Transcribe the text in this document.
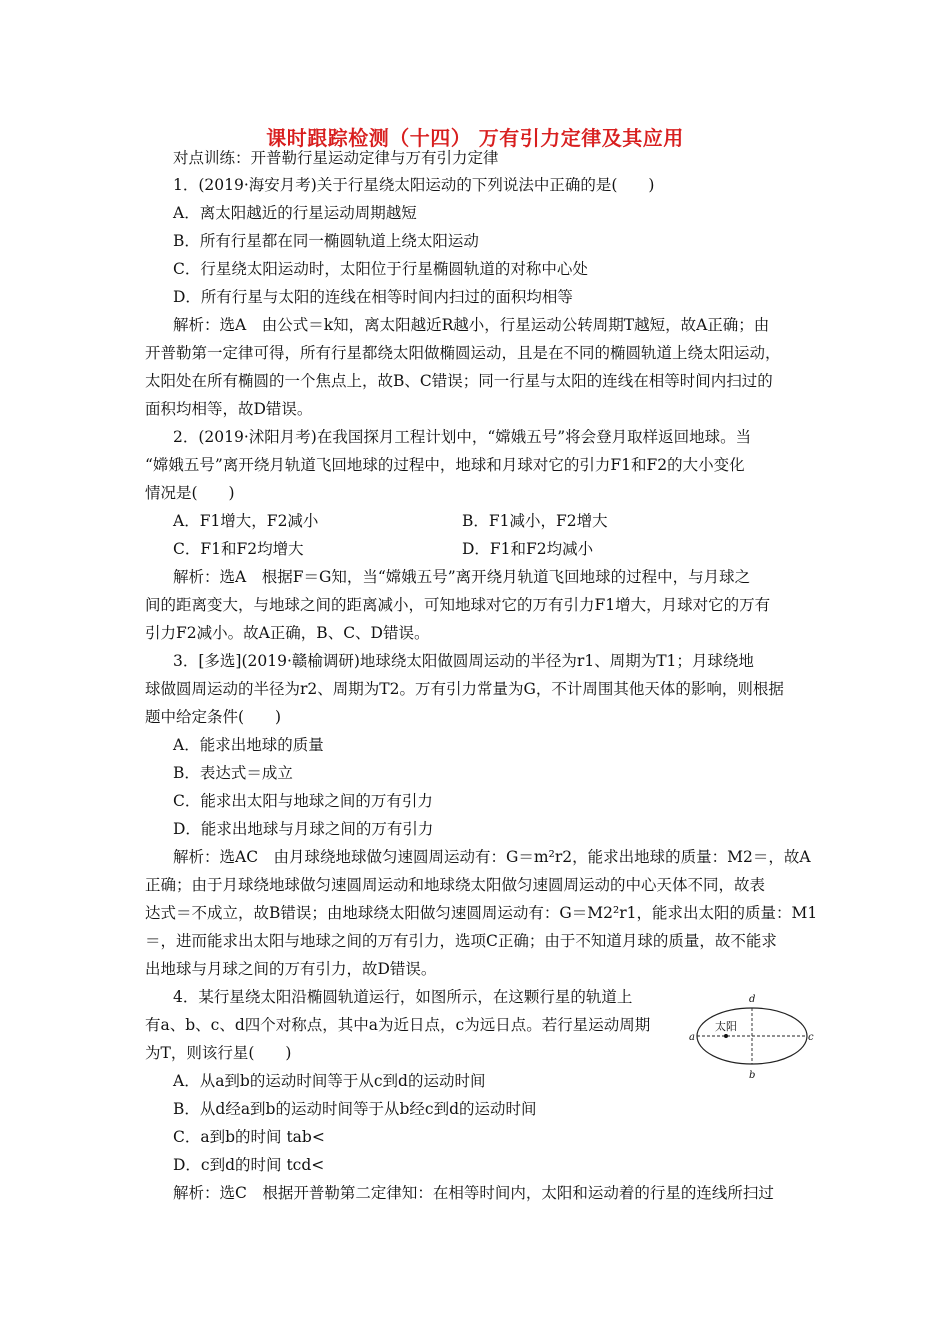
课时跟踪检测（十四） 万有引力定律及其应用
对点训练：开普勒行星运动定律与万有引力定律
1．(2019·海安月考)关于行星绕太阳运动的下列说法中正确的是(　　)
A．离太阳越近的行星运动周期越短
B．所有行星都在同一椭圆轨道上绕太阳运动
C．行星绕太阳运动时，太阳位于行星椭圆轨道的对称中心处
D．所有行星与太阳的连线在相等时间内扫过的面积均相等
解析：选A　由公式＝k知，离太阳越近R越小，行星运动公转周期T越短，故A正确；由
开普勒第一定律可得，所有行星都绕太阳做椭圆运动，且是在不同的椭圆轨道上绕太阳运动，
太阳处在所有椭圆的一个焦点上，故B、C错误；同一行星与太阳的连线在相等时间内扫过的
面积均相等，故D错误。
2．(2019·沭阳月考)在我国探月工程计划中，“嫦娥五号”将会登月取样返回地球。当
“嫦娥五号”离开绕月轨道飞回地球的过程中，地球和月球对它的引力F1和F2的大小变化
情况是(　　)
A．F1增大，F2减小	B．F1减小，F2增大
C．F1和F2均增大	D．F1和F2均减小
解析：选A　根据F＝G知，当“嫦娥五号”离开绕月轨道飞回地球的过程中，与月球之
间的距离变大，与地球之间的距离减小，可知地球对它的万有引力F1增大，月球对它的万有
引力F2减小。故A正确，B、C、D错误。
3．[多选](2019·赣榆调研)地球绕太阳做圆周运动的半径为r1、周期为T1；月球绕地
球做圆周运动的半径为r2、周期为T2。万有引力常量为G，不计周围其他天体的影响，则根据
题中给定条件(　　)
A．能求出地球的质量
B．表达式＝成立
C．能求出太阳与地球之间的万有引力
D．能求出地球与月球之间的万有引力
解析：选AC　由月球绕地球做匀速圆周运动有：G＝m²r2，能求出地球的质量：M2＝，故A
正确；由于月球绕地球做匀速圆周运动和地球绕太阳做匀速圆周运动的中心天体不同，故表
达式＝不成立，故B错误；由地球绕太阳做匀速圆周运动有：G＝M2²r1，能求出太阳的质量：M1
＝，进而能求出太阳与地球之间的万有引力，选项C正确；由于不知道月球的质量，故不能求
出地球与月球之间的万有引力，故D错误。
4．某行星绕太阳沿椭圆轨道运行，如图所示，在这颗行星的轨道上
有a、b、c、d四个对称点，其中a为近日点，c为远日点。若行星运动周期
为T，则该行星(　　)
A．从a到b的运动时间等于从c到d的运动时间
B．从d经a到b的运动时间等于从b经c到d的运动时间
C．a到b的时间 tab<
D．c到d的时间 tcd<
解析：选C　根据开普勒第二定律知：在相等时间内，太阳和运动着的行星的连线所扫过
太阳
a	c
d
b
